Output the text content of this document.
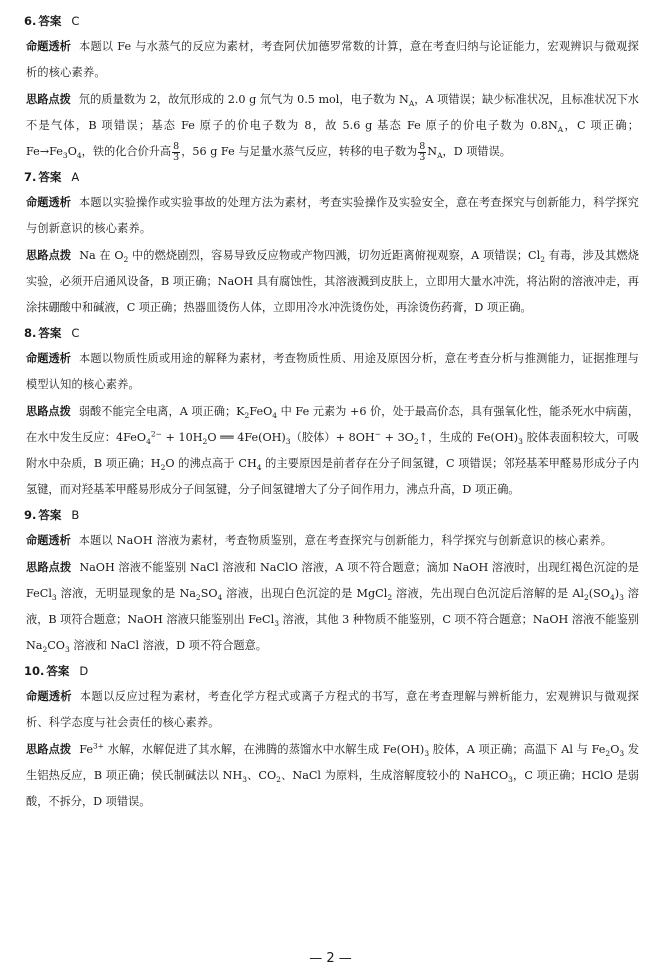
6. 答案 C

命题透析 本题以 Fe 与水蒸气的反应为素材，考查阿伏加德罗常数的计算，意在考查归纳与论证能力，宏观辨识与微观探析的核心素养。

思路点拨 氘的质量数为 2，故氘形成的 2.0 g 氘气为 0.5 mol，电子数为 $N_A$，A 项错误；缺少标准状况，且标准状况下水不是气体，B 项错误；基态 Fe 原子的价电子数为 8，故 5.6 g 基态 Fe 原子的价电子数为 $0.8N_A$，C 项正确；$Fe\to Fe_3O_4$，铁的化合价升高 $\frac{8}{3}$ ，56 g Fe 与足量水蒸气反应，转移的电子数为 $\frac{8}{3} N_A$，D 项错误。

7. 答案 A

命题透析 本题以实验操作或实验事故的处理方法为素材，考查实验操作及实验安全，意在考查探究与创新能力，科学探究与创新意识的核心素养。

思路点拨 Na 在 $O_2$ 中的燃烧剧烈，容易导致反应物或产物四溅，切勿近距离俯视观察，A 项错误；$Cl_2$ 有毒，涉及其燃烧实验，必须开启通风设备，B 项正确；NaOH 具有腐蚀性，其溶液溅到皮肤上，立即用大量水冲洗，将沾附的溶液冲走，再涂抹硼酸中和碱液，C 项正确；热器皿烫伤人体，立即用冷水冲洗烫伤处，再涂烫伤药膏，D 项正确。

8. 答案 C

命题透析 本题以物质性质或用途的解释为素材，考查物质性质、用途及原因分析，意在考查分析与推测能力，证据推理与模型认知的核心素养。

思路点拨 弱酸不能完全电离，A 项正确；$K_2FeO_4$ 中 Fe 元素为 +6 价，处于最高价态，具有强氧化性，能杀死水中病菌，在水中发生反应：$4FeO_4^{2-} + 10H_2O$ ══ $4Fe(OH)_3$（胶体）+ $8OH^- + 3O_2↑$，生成的 $Fe(OH)_3$ 胶体表面积较大，可吸附水中杂质，B 项正确；$H_2O$ 的沸点高于 $CH_4$ 的主要原因是前者存在分子间氢键，C 项错误；邻羟基苯甲醛易形成分子内氢键，而对羟基苯甲醛易形成分子间氢键，分子间氢键增大了分子间作用力，沸点升高，D 项正确。

9. 答案 B

命题透析 本题以 NaOH 溶液为素材，考查物质鉴别，意在考查探究与创新能力，科学探究与创新意识的核心素养。

思路点拨 NaOH 溶液不能鉴别 NaCl 溶液和 NaClO 溶液，A 项不符合题意；滴加 NaOH 溶液时，出现红褐色沉淀的是 FeCl$_3$ 溶液，无明显现象的是 $Na_2SO_4$ 溶液，出现白色沉淀的是 MgCl$_2$ 溶液，先出现白色沉淀后溶解的是 $Al_2(SO_4)_3$ 溶液，B 项符合题意；NaOH 溶液只能鉴别出 FeCl$_3$ 溶液，其他 3 种物质不能鉴别，C 项不符合题意；NaOH 溶液不能鉴别 $Na_2CO_3$ 溶液和 NaCl 溶液，D 项不符合题意。

10. 答案 D

命题透析 本题以反应过程为素材，考查化学方程式或离子方程式的书写，意在考查理解与辨析能力，宏观辨识与微观探析、科学态度与社会责任的核心素养。

思路点拨 $Fe^{3+}$ 水解，水解促进了其水解，在沸腾的蒸馏水中水解生成 $Fe(OH)_3$ 胶体，A 项正确；高温下 Al 与 $Fe_2O_3$ 发生铝热反应，B 项正确；侯氏制碱法以 $NH_3$、$CO_2$、NaCl 为原料，生成溶解度较小的 NaHCO$_3$，C 项正确；HClO 是弱酸，不拆分，D 项错误。

— 2 —
